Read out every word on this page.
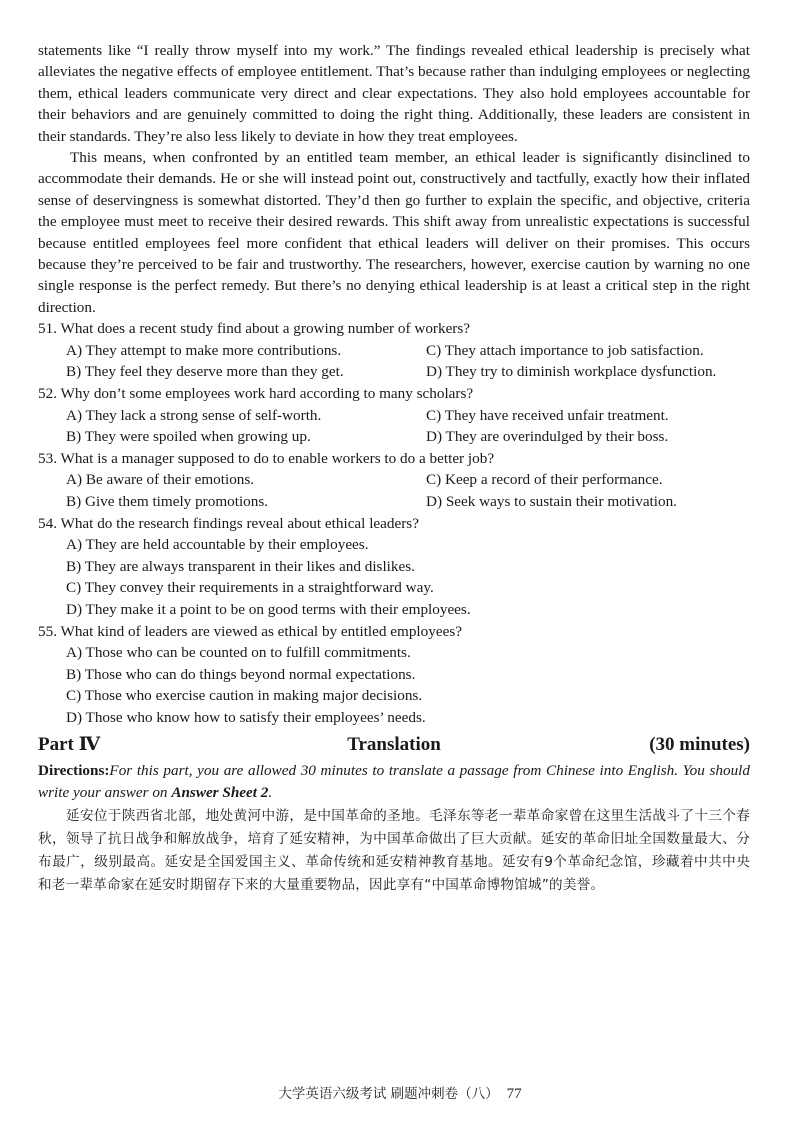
statements like “I really throw myself into my work.” The findings revealed ethical leadership is precisely what alleviates the negative effects of employee entitlement. That’s because rather than indulging employees or neglecting them, ethical leaders communicate very direct and clear expectations. They also hold employees accountable for their behaviors and are genuinely committed to doing the right thing. Additionally, these leaders are consistent in their standards. They’re also less likely to deviate in how they treat employees.

This means, when confronted by an entitled team member, an ethical leader is significantly disinclined to accommodate their demands. He or she will instead point out, constructively and tactfully, exactly how their inflated sense of deservingness is somewhat distorted. They’d then go further to explain the specific, and objective, criteria the employee must meet to receive their desired rewards. This shift away from unrealistic expectations is successful because entitled employees feel more confident that ethical leaders will deliver on their promises. This occurs because they’re perceived to be fair and trustworthy. The researchers, however, exercise caution by warning no one single response is the perfect remedy. But there’s no denying ethical leadership is at least a critical step in the right direction.

51. What does a recent study find about a growing number of workers?

A) They attempt to make more contributions.	C) They attach importance to job satisfaction.
B) They feel they deserve more than they get.	D) They try to diminish workplace dysfunction.

52. Why don’t some employees work hard according to many scholars?

A) They lack a strong sense of self-worth.	C) They have received unfair treatment.
B) They were spoiled when growing up.	D) They are overindulged by their boss.

53. What is a manager supposed to do to enable workers to do a better job?

A) Be aware of their emotions.	C) Keep a record of their performance.
B) Give them timely promotions.	D) Seek ways to sustain their motivation.

54. What do the research findings reveal about ethical leaders?

A) They are held accountable by their employees.
B) They are always transparent in their likes and dislikes.
C) They convey their requirements in a straightforward way.
D) They make it a point to be on good terms with their employees.

55. What kind of leaders are viewed as ethical by entitled employees?

A) Those who can be counted on to fulfill commitments.
B) Those who can do things beyond normal expectations.
C) Those who exercise caution in making major decisions.
D) Those who know how to satisfy their employees’ needs.
Part Ⅳ	Translation	(30 minutes)

Directions:For this part, you are allowed 30 minutes to translate a passage from Chinese into English. You should write your answer on Answer Sheet 2.

延安位于陕西省北部，地处黄河中游，是中国革命的圣地。毛泽东等老一辈革命家曾在这里生活战斗了十三个春秋，领导了抗日战争和解放战争，培育了延安精神，为中国革命做出了巨大贡献。延安的革命旧址全国数量最大、分布最广，级别最高。延安是全国爱国主义、革命传统和延安精神教育基地。延安有9个革命纪念馆，珍藏着中共中央和老一辈革命家在延安时期留存下来的大量重要物品，因此享有“中国革命博物馆城”的美誉。

大学英语六级考试 刷题冲刺卷（八） 77
